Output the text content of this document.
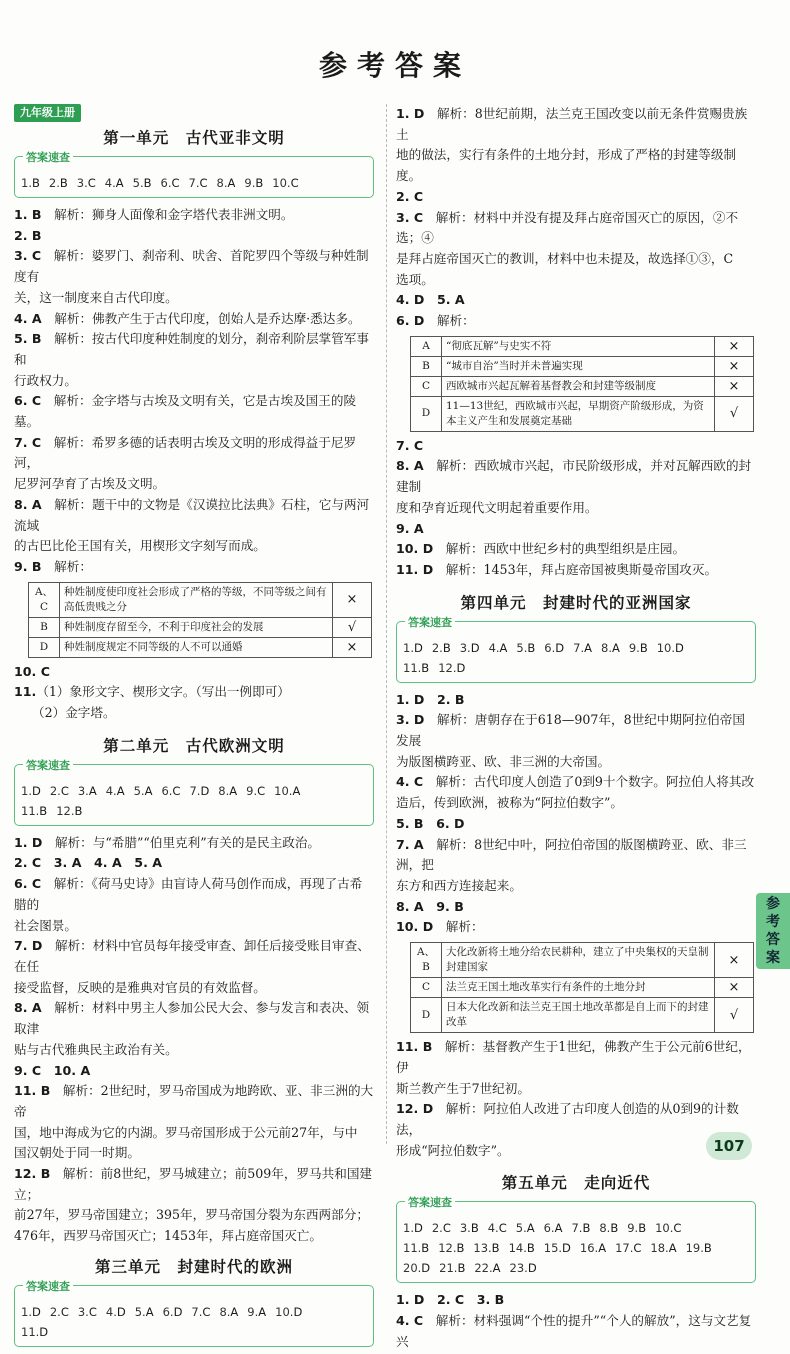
参考答案
九年级上册
第一单元　古代亚非文明
答案速查
1.B 2.B 3.C 4.A 5.B 6.C 7.C 8.A 9.B 10.C

1. B　解析：狮身人面像和金字塔代表非洲文明。

2. B

3. C　解析：婆罗门、刹帝利、吠舍、首陀罗四个等级与种姓制度有

关，这一制度来自古代印度。

4. A　解析：佛教产生于古代印度，创始人是乔达摩·悉达多。

5. B　解析：按古代印度种姓制度的划分，刹帝利阶层掌管军事和

行政权力。

6. C　解析：金字塔与古埃及文明有关，它是古埃及国王的陵墓。

7. C　解析：希罗多德的话表明古埃及文明的形成得益于尼罗河，

尼罗河孕育了古埃及文明。

8. A　解析：题干中的文物是《汉谟拉比法典》石柱，它与两河流域

的古巴比伦王国有关，用楔形文字刻写而成。

9. B　解析：

A、C	种姓制度使印度社会形成了严格的等级，不同等级之间有高低贵贱之分	×
B	种姓制度存留至今，不利于印度社会的发展	√
D	种姓制度规定不同等级的人不可以通婚	×

10. C

11.（1）象形文字、楔形文字。（写出一例即可）

（2）金字塔。

第二单元　古代欧洲文明
答案速查
1.D 2.C 3.A 4.A 5.A 6.C 7.D 8.A 9.C 10.A
11.B 12.B

1. D　解析：与“希腊”“伯里克利”有关的是民主政治。

2. C　3. A　4. A　5. A

6. C　解析：《荷马史诗》由盲诗人荷马创作而成，再现了古希腊的

社会图景。

7. D　解析：材料中官员每年接受审查、卸任后接受账目审查、在任

接受监督，反映的是雅典对官员的有效监督。

8. A　解析：材料中男主人参加公民大会、参与发言和表决、领取津

贴与古代雅典民主政治有关。

9. C　10. A

11. B　解析：2世纪时，罗马帝国成为地跨欧、亚、非三洲的大帝

国，地中海成为它的内湖。罗马帝国形成于公元前27年，与中

国汉朝处于同一时期。

12. B　解析：前8世纪，罗马城建立；前509年，罗马共和国建立；

前27年，罗马帝国建立；395年，罗马帝国分裂为东西两部分；

476年，西罗马帝国灭亡；1453年，拜占庭帝国灭亡。

第三单元　封建时代的欧洲
答案速查
1.D 2.C 3.C 4.D 5.A 6.D 7.C 8.A 9.A 10.D
11.D

1. D　解析：8世纪前期，法兰克王国改变以前无条件赏赐贵族土

地的做法，实行有条件的土地分封，形成了严格的封建等级制度。

2. C

3. C　解析：材料中并没有提及拜占庭帝国灭亡的原因，②不选；④

是拜占庭帝国灭亡的教训，材料中也未提及，故选择①③，C

选项。

4. D　5. A

6. D　解析：

A	“彻底瓦解”与史实不符	×
B	“城市自治”当时并未普遍实现	×
C	西欧城市兴起瓦解着基督教会和封建等级制度	×
D	11—13世纪，西欧城市兴起，早期资产阶级形成，为资本主义产生和发展奠定基础	√

7. C

8. A　解析：西欧城市兴起，市民阶级形成，并对瓦解西欧的封建制

度和孕育近现代文明起着重要作用。

9. A

10. D　解析：西欧中世纪乡村的典型组织是庄园。

11. D　解析：1453年，拜占庭帝国被奥斯曼帝国攻灭。

第四单元　封建时代的亚洲国家
答案速查
1.D 2.B 3.D 4.A 5.B 6.D 7.A 8.A 9.B 10.D
11.B 12.D

1. D　2. B

3. D　解析：唐朝存在于618—907年，8世纪中期阿拉伯帝国发展

为版图横跨亚、欧、非三洲的大帝国。

4. C　解析：古代印度人创造了0到9十个数字。阿拉伯人将其改

造后，传到欧洲，被称为“阿拉伯数字”。

5. B　6. D

7. A　解析：8世纪中叶，阿拉伯帝国的版图横跨亚、欧、非三洲，把

东方和西方连接起来。

8. A　9. B

10. D　解析：

A、B	大化改新将土地分给农民耕种，建立了中央集权的天皇制封建国家	×
C	法兰克王国土地改革实行有条件的土地分封	×
D	日本大化改新和法兰克王国土地改革都是自上而下的封建改革	√

11. B　解析：基督教产生于1世纪，佛教产生于公元前6世纪，伊

斯兰教产生于7世纪初。

12. D　解析：阿拉伯人改进了古印度人创造的从0到9的计数法，

形成“阿拉伯数字”。

第五单元　走向近代
答案速查
1.D 2.C 3.B 4.C 5.A 6.A 7.B 8.B 9.B 10.C
11.B 12.B 13.B 14.B 15.D 16.A 17.C 18.A 19.B
20.D 21.B 22.A 23.D

1. D　2. C　3. B

4. C　解析：材料强调“个性的提升”“个人的解放”，这与文艺复兴

参考答案
107
